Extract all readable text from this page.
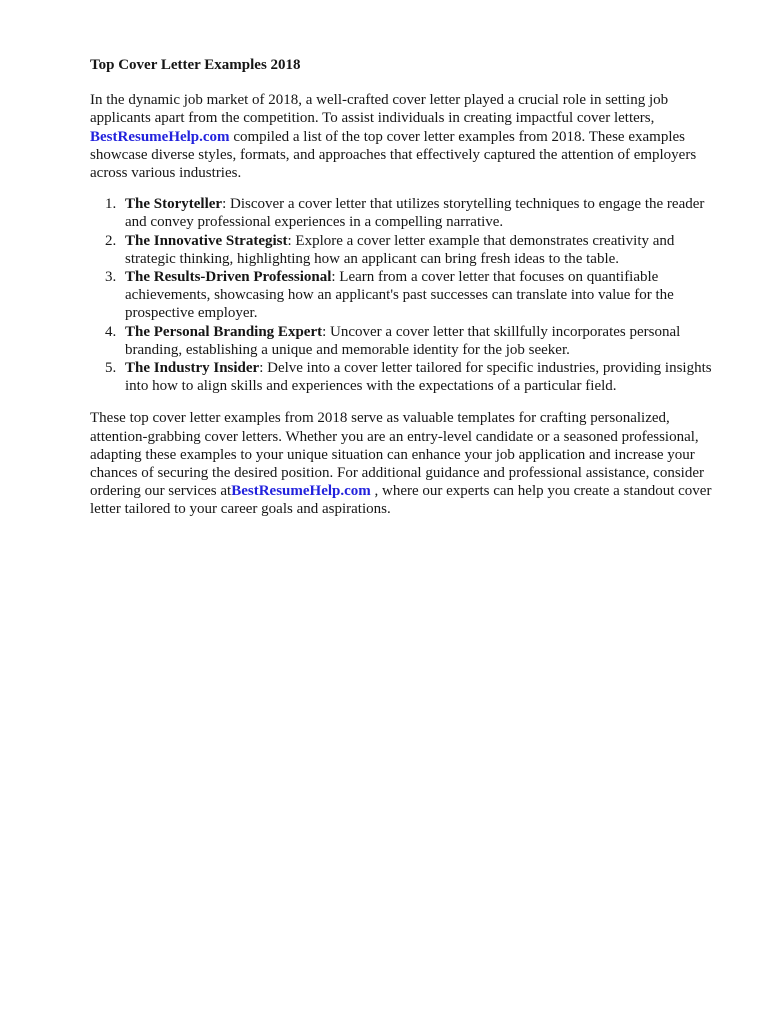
Top Cover Letter Examples 2018

In the dynamic job market of 2018, a well-crafted cover letter played a crucial role in setting job applicants apart from the competition. To assist individuals in creating impactful cover letters, BestResumeHelp.com compiled a list of the top cover letter examples from 2018. These examples showcase diverse styles, formats, and approaches that effectively captured the attention of employers across various industries.

1. The Storyteller: Discover a cover letter that utilizes storytelling techniques to engage the reader and convey professional experiences in a compelling narrative.
2. The Innovative Strategist: Explore a cover letter example that demonstrates creativity and strategic thinking, highlighting how an applicant can bring fresh ideas to the table.
3. The Results-Driven Professional: Learn from a cover letter that focuses on quantifiable achievements, showcasing how an applicant's past successes can translate into value for the prospective employer.
4. The Personal Branding Expert: Uncover a cover letter that skillfully incorporates personal branding, establishing a unique and memorable identity for the job seeker.
5. The Industry Insider: Delve into a cover letter tailored for specific industries, providing insights into how to align skills and experiences with the expectations of a particular field.

These top cover letter examples from 2018 serve as valuable templates for crafting personalized, attention-grabbing cover letters. Whether you are an entry-level candidate or a seasoned professional, adapting these examples to your unique situation can enhance your job application and increase your chances of securing the desired position. For additional guidance and professional assistance, consider ordering our services atBestResumeHelp.com , where our experts can help you create a standout cover letter tailored to your career goals and aspirations.
